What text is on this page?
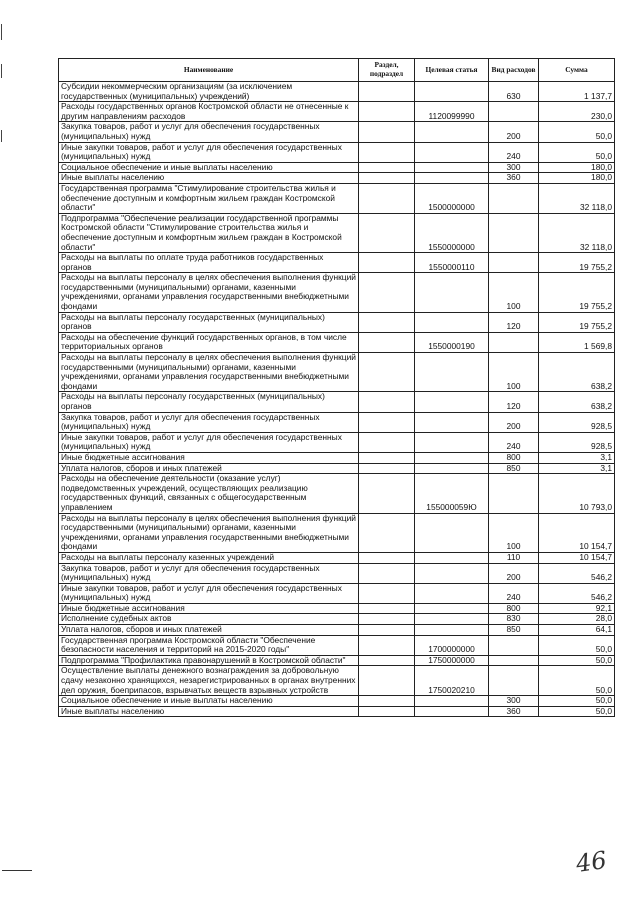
Наименование	Раздел, подраздел	Целевая статья	Вид расходов	Сумма
Субсидии некоммерческим организациям (за исключением государственных (муниципальных) учреждений)			630	1 137,7
Расходы государственных органов Костромской области не отнесенные к другим направлениям расходов		1120099990		230,0
Закупка товаров, работ и услуг для обеспечения государственных (муниципальных) нужд			200	50,0
Иные закупки товаров, работ и услуг для обеспечения государственных (муниципальных) нужд			240	50,0
Социальное обеспечение и иные выплаты населению			300	180,0
Иные выплаты населению			360	180,0
Государственная программа "Стимулирование строительства жилья и обеспечение доступным и комфортным жильем граждан Костромской области"		1500000000		32 118,0
Подпрограмма "Обеспечение реализации государственной программы Костромской области "Стимулирование строительства жилья и обеспечение доступным и комфортным жильем граждан в Костромской области"		1550000000		32 118,0
Расходы на выплаты по оплате труда работников государственных органов		1550000110		19 755,2
Расходы на выплаты персоналу в целях обеспечения выполнения функций государственными (муниципальными) органами, казенными учреждениями, органами управления государственными внебюджетными фондами			100	19 755,2
Расходы на выплаты персоналу государственных (муниципальных) органов			120	19 755,2
Расходы на обеспечение функций государственных органов, в том числе территориальных органов		1550000190		1 569,8
Расходы на выплаты персоналу в целях обеспечения выполнения функций государственными (муниципальными) органами, казенными учреждениями, органами управления государственными внебюджетными фондами			100	638,2
Расходы на выплаты персоналу государственных (муниципальных) органов			120	638,2
Закупка товаров, работ и услуг для обеспечения государственных (муниципальных) нужд			200	928,5
Иные закупки товаров, работ и услуг для обеспечения государственных (муниципальных) нужд			240	928,5
Иные бюджетные ассигнования			800	3,1
Уплата налогов, сборов и иных платежей			850	3,1
Расходы на обеспечение деятельности (оказание услуг) подведомственных учреждений, осуществляющих реализацию государственных функций, связанных с общегосударственным управлением		155000059Ю		10 793,0
Расходы на выплаты персоналу в целях обеспечения выполнения функций государственными (муниципальными) органами, казенными учреждениями, органами управления государственными внебюджетными фондами			100	10 154,7
Расходы на выплаты персоналу казенных учреждений			110	10 154,7
Закупка товаров, работ и услуг для обеспечения государственных (муниципальных) нужд			200	546,2
Иные закупки товаров, работ и услуг для обеспечения государственных (муниципальных) нужд			240	546,2
Иные бюджетные ассигнования			800	92,1
Исполнение судебных актов			830	28,0
Уплата налогов, сборов и иных платежей			850	64,1
Государственная программа Костромской области "Обеспечение безопасности населения и территорий на 2015-2020 годы"		1700000000		50,0
Подпрограмма "Профилактика правонарушений в Костромской области"		1750000000		50,0
Осуществление выплаты денежного вознаграждения за добровольную сдачу незаконно хранящихся, незарегистрированных в органах внутренних дел оружия, боеприпасов, взрывчатых веществ взрывных устройств		1750020210		50,0
Социальное обеспечение и иные выплаты населению			300	50,0
Иные выплаты населению			360	50,0
46
